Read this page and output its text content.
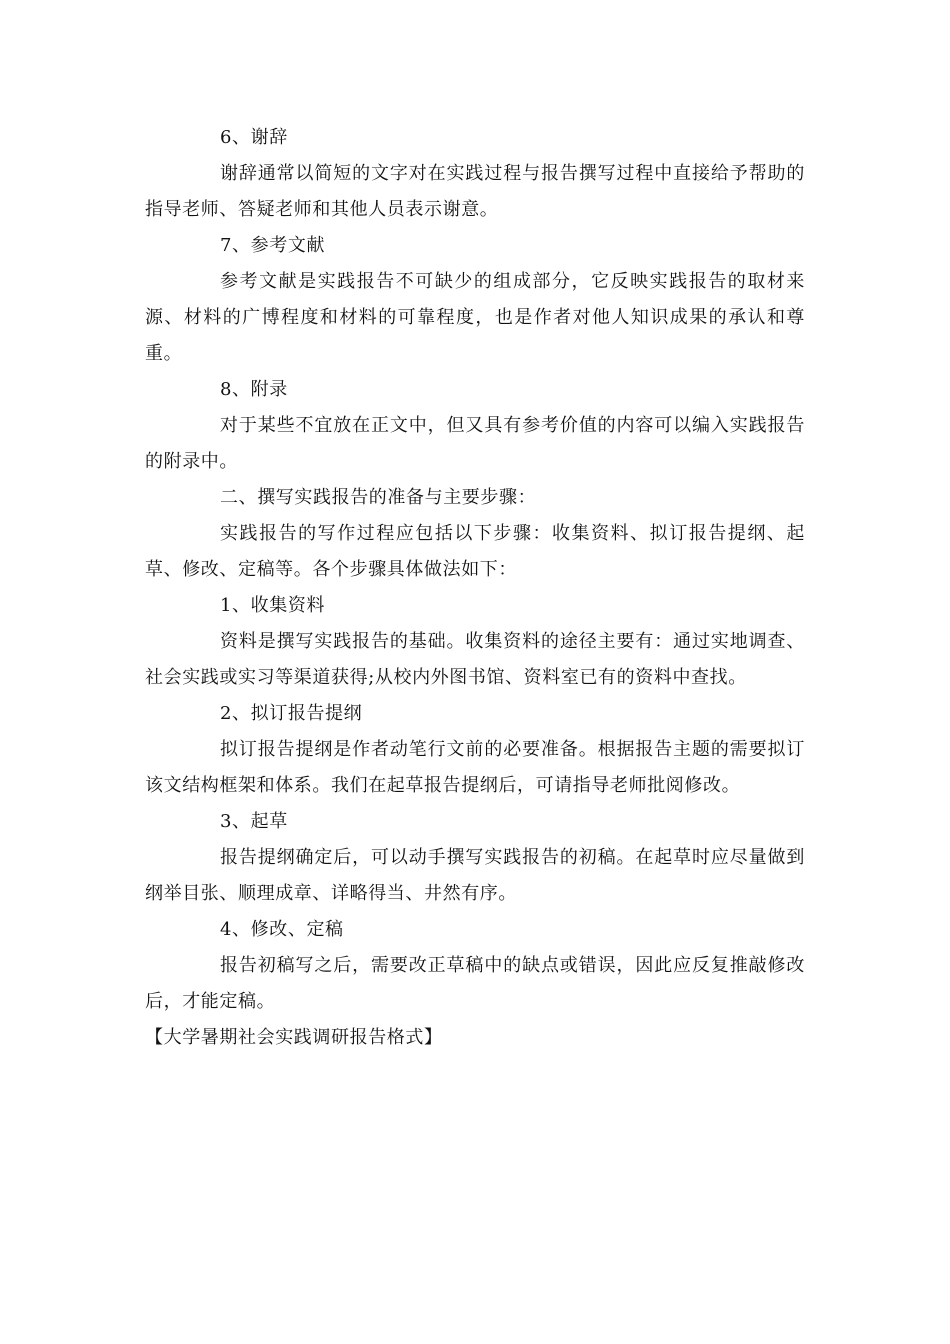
6、谢辞

谢辞通常以简短的文字对在实践过程与报告撰写过程中直接给予帮助的指导老师、答疑老师和其他人员表示谢意。

7、参考文献

参考文献是实践报告不可缺少的组成部分，它反映实践报告的取材来源、材料的广博程度和材料的可靠程度，也是作者对他人知识成果的承认和尊重。

8、附录

对于某些不宜放在正文中，但又具有参考价值的内容可以编入实践报告的附录中。

二、撰写实践报告的准备与主要步骤：

实践报告的写作过程应包括以下步骤：收集资料、拟订报告提纲、起草、修改、定稿等。各个步骤具体做法如下：

1、收集资料

资料是撰写实践报告的基础。收集资料的途径主要有：通过实地调查、社会实践或实习等渠道获得;从校内外图书馆、资料室已有的资料中查找。

2、拟订报告提纲

拟订报告提纲是作者动笔行文前的必要准备。根据报告主题的需要拟订该文结构框架和体系。我们在起草报告提纲后，可请指导老师批阅修改。

3、起草

报告提纲确定后，可以动手撰写实践报告的初稿。在起草时应尽量做到纲举目张、顺理成章、详略得当、井然有序。

4、修改、定稿

报告初稿写之后，需要改正草稿中的缺点或错误，因此应反复推敲修改后，才能定稿。

【大学暑期社会实践调研报告格式】
